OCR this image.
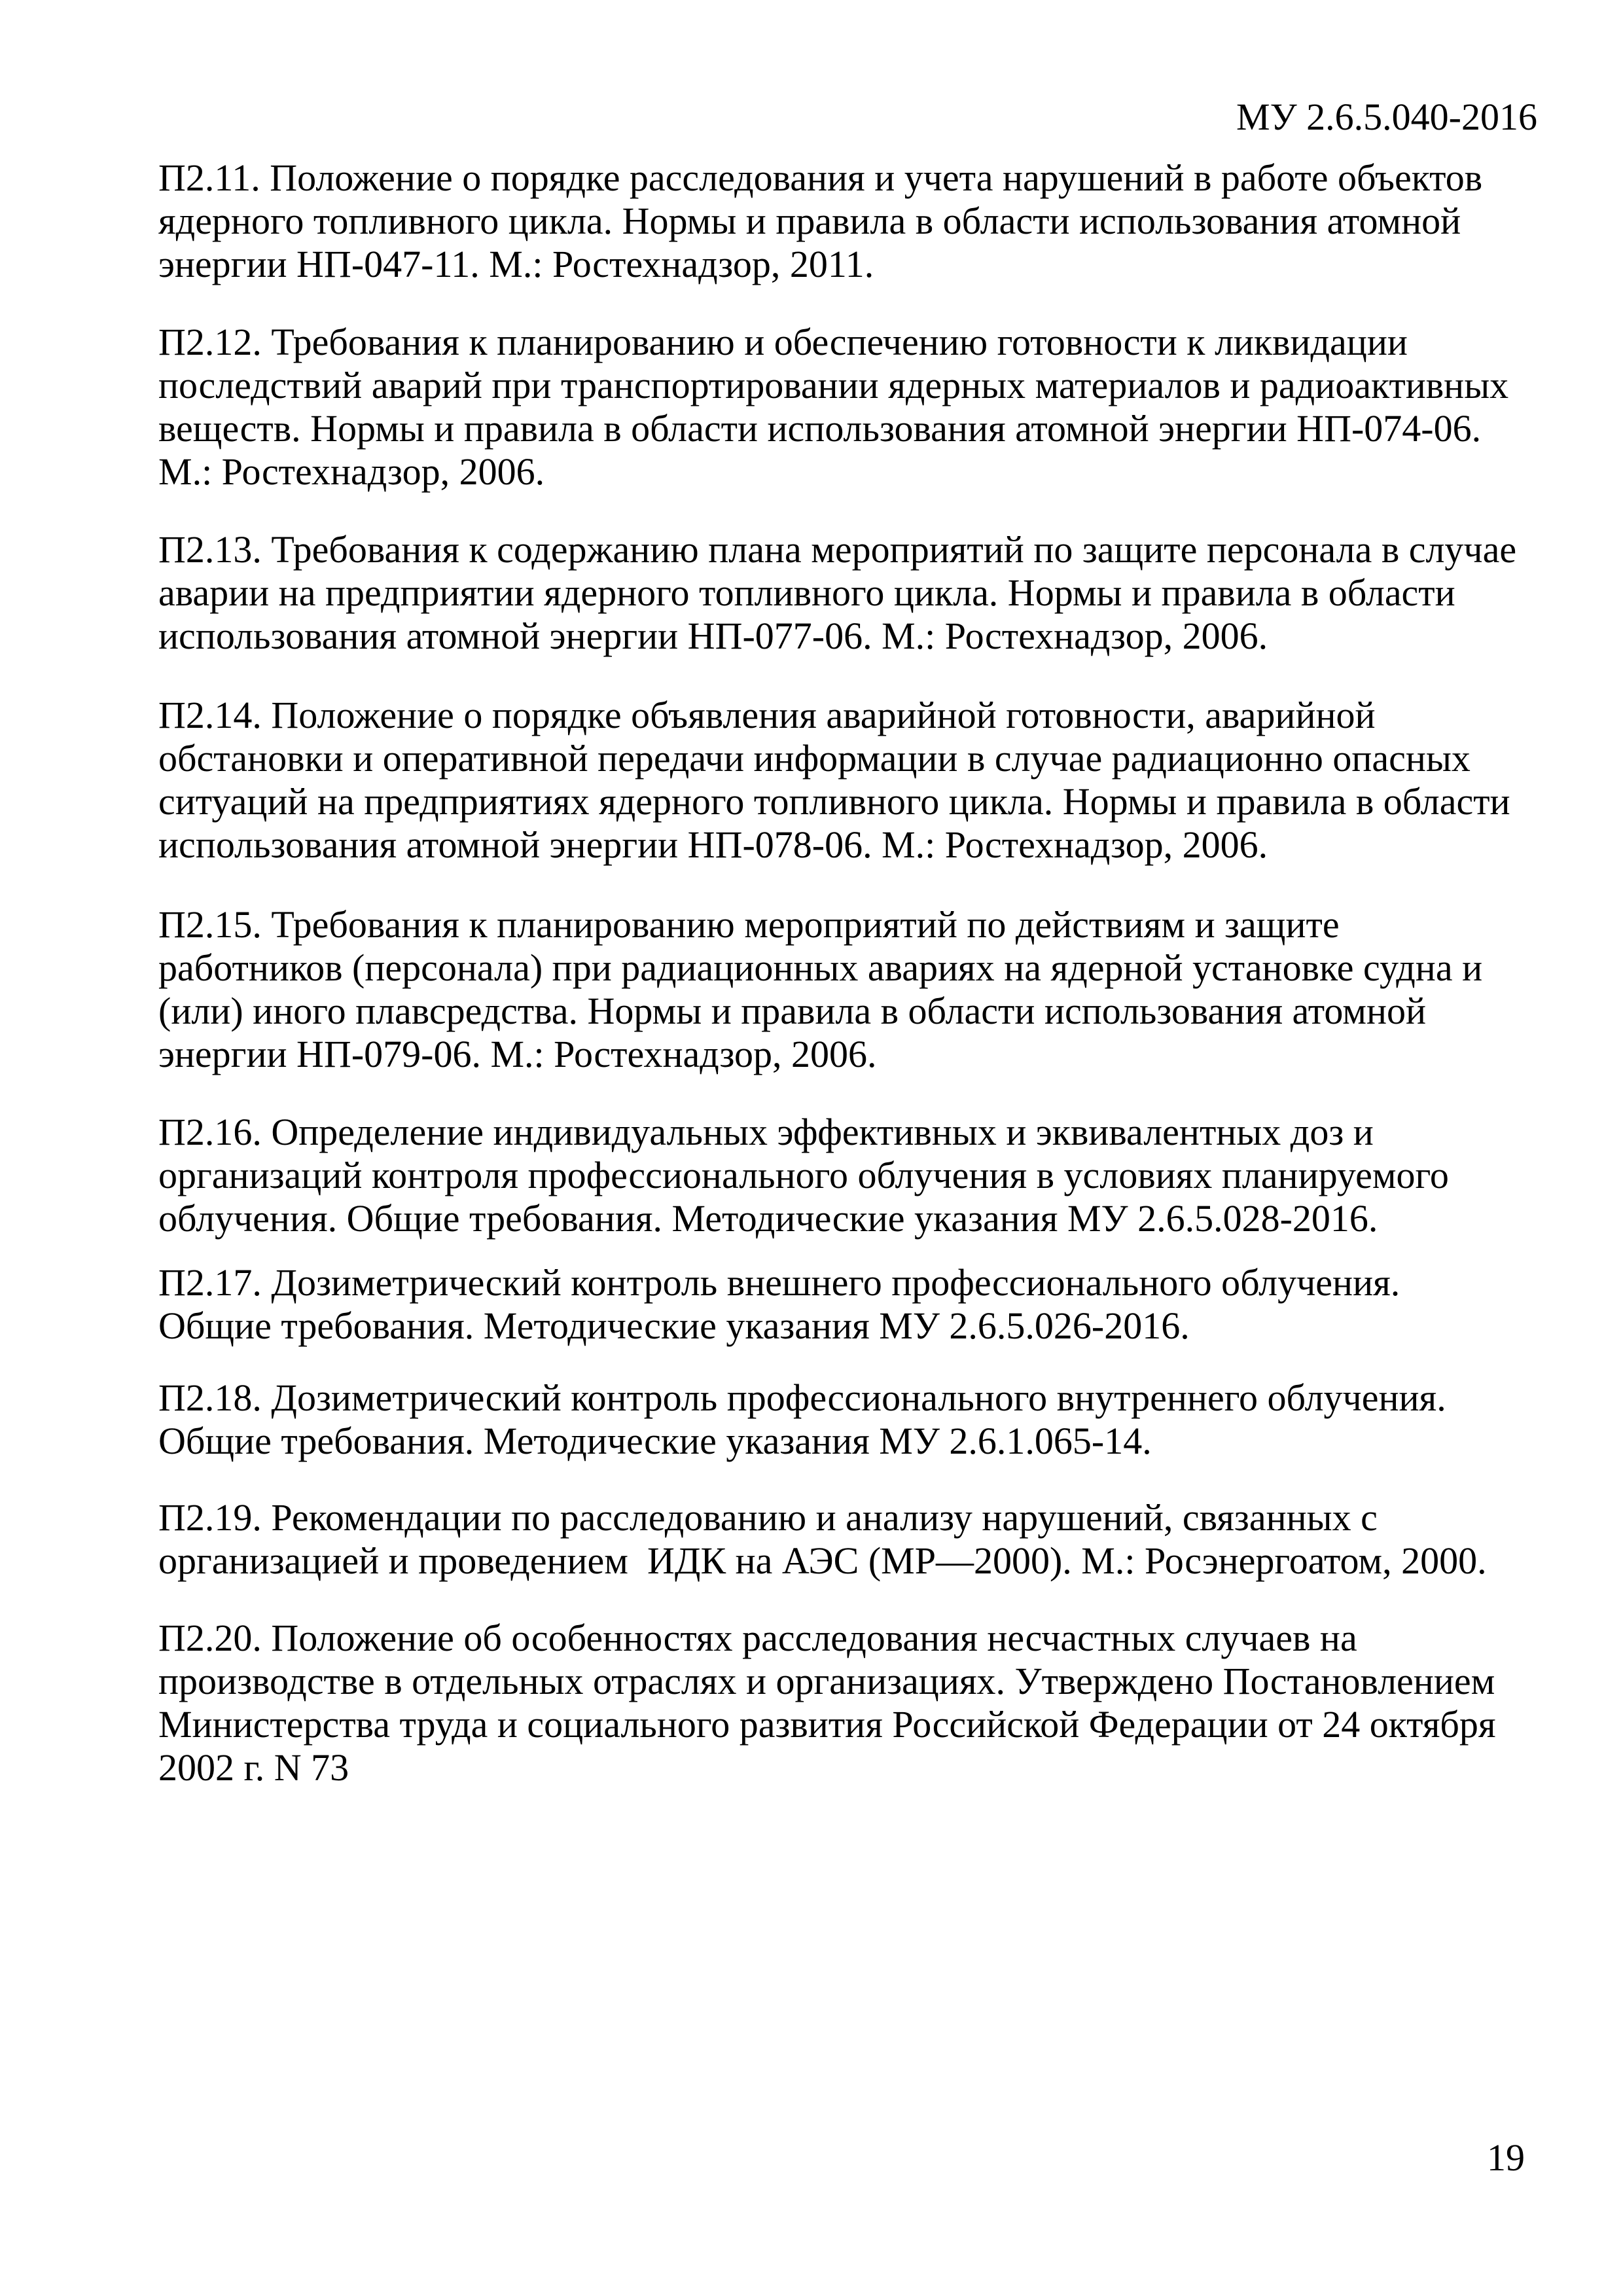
МУ 2.6.5.040-2016
П2.11. Положение о порядке расследования и учета нарушений в работе объектов
ядерного топливного цикла. Нормы и правила в области использования атомной
энергии НП-047-11. М.: Ростехнадзор, 2011.
П2.12. Требования к планированию и обеспечению готовности к ликвидации
последствий аварий при транспортировании ядерных материалов и радиоактивных
веществ. Нормы и правила в области использования атомной энергии НП-074-06.
М.: Ростехнадзор, 2006.
П2.13. Требования к содержанию плана мероприятий по защите персонала в случае
аварии на предприятии ядерного топливного цикла. Нормы и правила в области
использования атомной энергии НП-077-06. М.: Ростехнадзор, 2006.
П2.14. Положение о порядке объявления аварийной готовности, аварийной
обстановки и оперативной передачи информации в случае радиационно опасных
ситуаций на предприятиях ядерного топливного цикла. Нормы и правила в области
использования атомной энергии НП-078-06. М.: Ростехнадзор, 2006.
П2.15. Требования к планированию мероприятий по действиям и защите
работников (персонала) при радиационных авариях на ядерной установке судна и
(или) иного плавсредства. Нормы и правила в области использования атомной
энергии НП-079-06. М.: Ростехнадзор, 2006.
П2.16. Определение индивидуальных эффективных и эквивалентных доз и
организаций контроля профессионального облучения в условиях планируемого
облучения. Общие требования. Методические указания МУ 2.6.5.028-2016.
П2.17. Дозиметрический контроль внешнего профессионального облучения.
Общие требования. Методические указания МУ 2.6.5.026-2016.
П2.18. Дозиметрический контроль профессионального внутреннего облучения.
Общие требования. Методические указания МУ 2.6.1.065-14.
П2.19. Рекомендации по расследованию и анализу нарушений, связанных с
организацией и проведением  ИДК на АЭС (МР—2000). М.: Росэнергоатом, 2000.
П2.20. Положение об особенностях расследования несчастных случаев на
производстве в отдельных отраслях и организациях. Утверждено Постановлением
Министерства труда и социального развития Российской Федерации от 24 октября
2002 г. N 73
19
